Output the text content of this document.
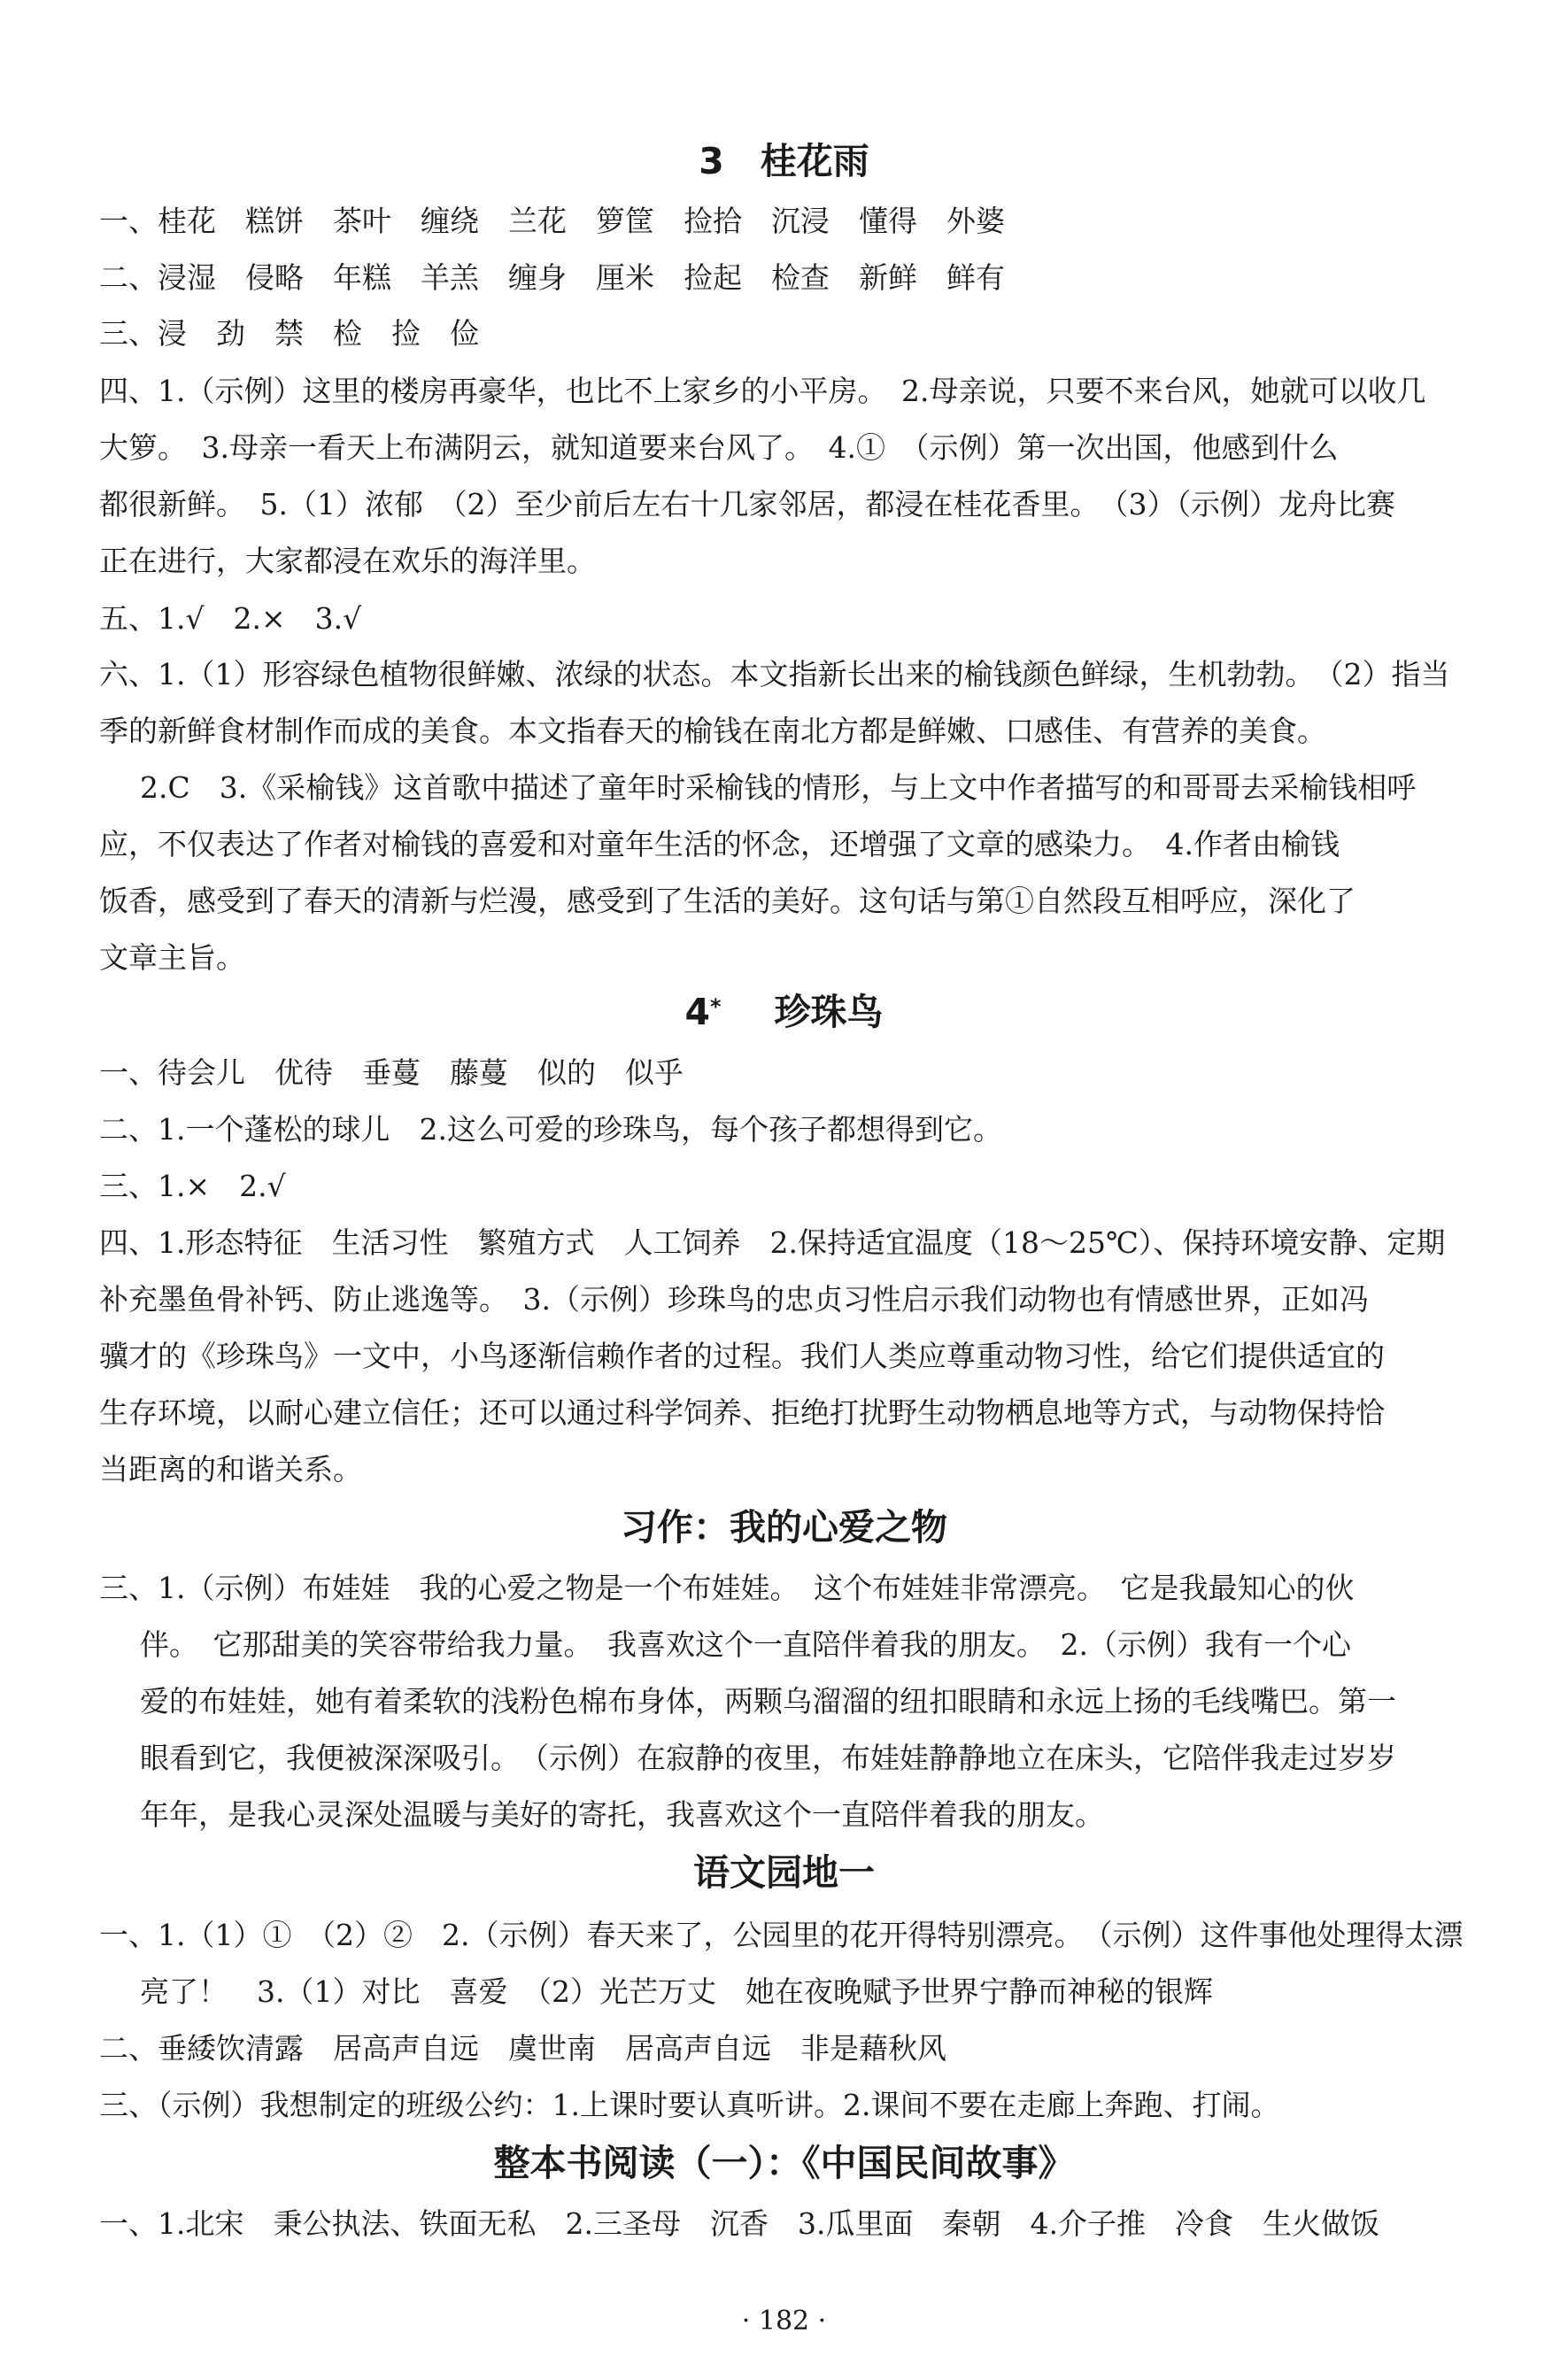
3　桂花雨

一、桂花　糕饼　茶叶　缠绕　兰花　箩筐　捡拾　沉浸　懂得　外婆

二、浸湿　侵略　年糕　羊羔　缠身　厘米　捡起　检查　新鲜　鲜有

三、浸　劲　禁　检　捡　俭

四、1.（示例）这里的楼房再豪华，也比不上家乡的小平房。　2.母亲说，只要不来台风，她就可以收几

大箩。　3.母亲一看天上布满阴云，就知道要来台风了。　4.①　（示例）第一次出国，他感到什么

都很新鲜。　5.（1）浓郁　（2）至少前后左右十几家邻居，都浸在桂花香里。　（3）（示例）龙舟比赛

正在进行，大家都浸在欢乐的海洋里。

五、1.√　2.×　3.√

六、1.（1）形容绿色植物很鲜嫩、浓绿的状态。本文指新长出来的榆钱颜色鲜绿，生机勃勃。　（2）指当

季的新鲜食材制作而成的美食。本文指春天的榆钱在南北方都是鲜嫩、口感佳、有营养的美食。

2.C　3.《采榆钱》这首歌中描述了童年时采榆钱的情形，与上文中作者描写的和哥哥去采榆钱相呼

应，不仅表达了作者对榆钱的喜爱和对童年生活的怀念，还增强了文章的感染力。　4.作者由榆钱

饭香，感受到了春天的清新与烂漫，感受到了生活的美好。这句话与第①自然段互相呼应，深化了

文章主旨。

4* 珍珠鸟

一、待会儿　优待　垂蔓　藤蔓　似的　似乎

二、1.一个蓬松的球儿　2.这么可爱的珍珠鸟，每个孩子都想得到它。

三、1.×　2.√

四、1.形态特征　生活习性　繁殖方式　人工饲养　2.保持适宜温度（18～25℃）、保持环境安静、定期

补充墨鱼骨补钙、防止逃逸等。　3.（示例）珍珠鸟的忠贞习性启示我们动物也有情感世界，正如冯

骥才的《珍珠鸟》一文中，小鸟逐渐信赖作者的过程。我们人类应尊重动物习性，给它们提供适宜的

生存环境，以耐心建立信任；还可以通过科学饲养、拒绝打扰野生动物栖息地等方式，与动物保持恰

当距离的和谐关系。

习作：我的心爱之物

三、1.（示例）布娃娃　我的心爱之物是一个布娃娃。　这个布娃娃非常漂亮。　它是我最知心的伙

伴。　它那甜美的笑容带给我力量。　我喜欢这个一直陪伴着我的朋友。　2.（示例）我有一个心

爱的布娃娃，她有着柔软的浅粉色棉布身体，两颗乌溜溜的纽扣眼睛和永远上扬的毛线嘴巴。第一

眼看到它，我便被深深吸引。　（示例）在寂静的夜里，布娃娃静静地立在床头，它陪伴我走过岁岁

年年，是我心灵深处温暖与美好的寄托，我喜欢这个一直陪伴着我的朋友。

语文园地一

一、1.（1）①　（2）②　2.（示例）春天来了，公园里的花开得特别漂亮。　（示例）这件事他处理得太漂

亮了！　3.（1）对比　喜爱　（2）光芒万丈　她在夜晚赋予世界宁静而神秘的银辉

二、垂緌饮清露　居高声自远　虞世南　居高声自远　非是藉秋风

三、（示例）我想制定的班级公约：1.上课时要认真听讲。2.课间不要在走廊上奔跑、打闹。

整本书阅读（一）：《中国民间故事》

一、1.北宋　秉公执法、铁面无私　2.三圣母　沉香　3.瓜里面　秦朝　4.介子推　冷食　生火做饭

· 182 ·
